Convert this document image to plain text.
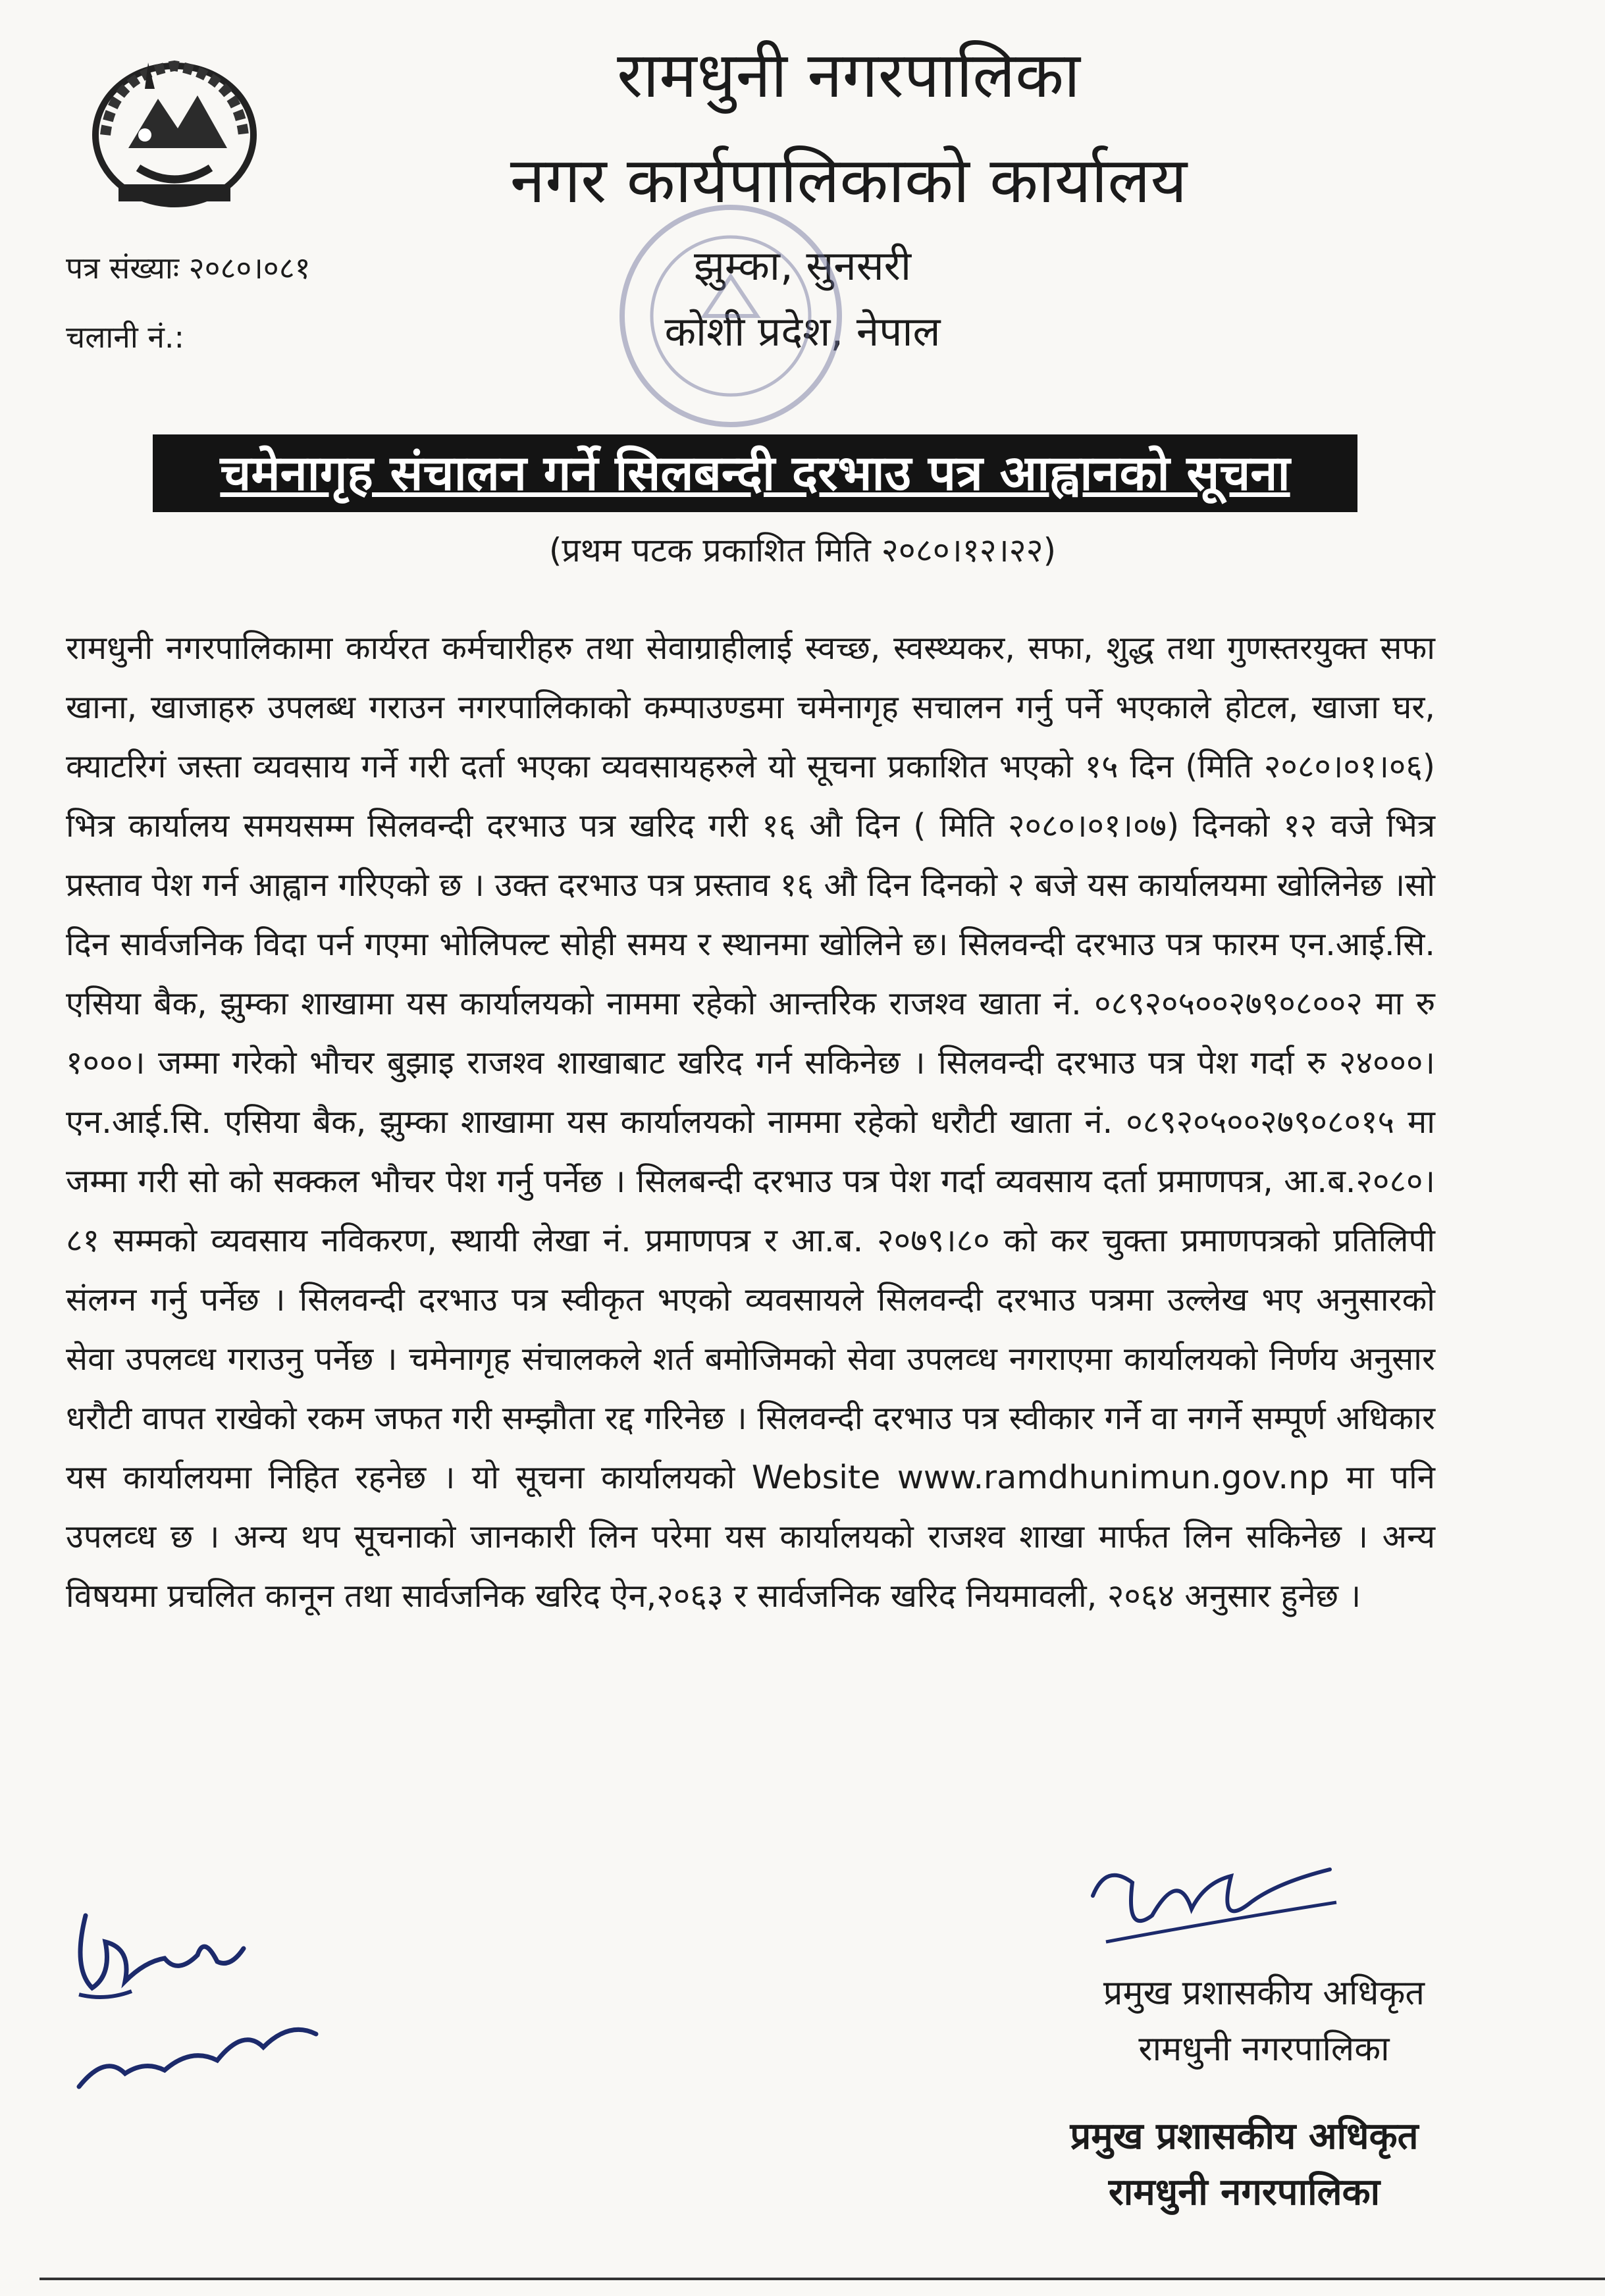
रामधुनी नगरपालिका
नगर कार्यपालिकाको कार्यालय
पत्र संख्याः २०८०।०८१
चलानी नं.:
झुम्का, सुनसरी
कोशी प्रदेश, नेपाल
चमेनागृह संचालन गर्ने सिलबन्दी दरभाउ पत्र आह्वानको सूचना
(प्रथम पटक प्रकाशित मिति २०८०।१२।२२)
रामधुनी नगरपालिकामा कार्यरत कर्मचारीहरु तथा सेवाग्राहीलाई स्वच्छ, स्वस्थ्यकर, सफा, शुद्ध तथा गुणस्तरयुक्त सफा खाना, खाजाहरु उपलब्ध गराउन नगरपालिकाको कम्पाउण्डमा चमेनागृह सचालन गर्नु पर्ने भएकाले होटल, खाजा घर, क्याटरिगं जस्ता व्यवसाय गर्ने गरी दर्ता भएका व्यवसायहरुले यो सूचना प्रकाशित भएको १५ दिन (मिति २०८०।०१।०६) भित्र कार्यालय समयसम्म सिलवन्दी दरभाउ पत्र खरिद गरी १६ औ दिन ( मिति २०८०।०१।०७) दिनको १२ वजे भित्र प्रस्ताव पेश गर्न आह्वान गरिएको छ । उक्त दरभाउ पत्र प्रस्ताव १६ औ दिन दिनको २ बजे यस कार्यालयमा खोलिनेछ ।सो दिन सार्वजनिक विदा पर्न गएमा भोलिपल्ट सोही समय र स्थानमा खोलिने छ। सिलवन्दी दरभाउ पत्र फारम एन.आई.सि. एसिया बैक, झुम्का शाखामा यस कार्यालयको नाममा रहेको आन्तरिक राजश्व खाता नं. ०८९२०५००२७९०८००२ मा रु १०००। जम्मा गरेको भौचर बुझाइ राजश्व शाखाबाट खरिद गर्न सकिनेछ । सिलवन्दी दरभाउ पत्र पेश गर्दा रु २४०००। एन.आई.सि. एसिया बैक, झुम्का शाखामा यस कार्यालयको नाममा रहेको धरौटी खाता नं. ०८९२०५००२७९०८०१५ मा जम्मा गरी सो को सक्कल भौचर पेश गर्नु पर्नेछ । सिलबन्दी दरभाउ पत्र पेश गर्दा व्यवसाय दर्ता प्रमाणपत्र, आ.ब.२०८०।८१ सम्मको व्यवसाय नविकरण, स्थायी लेखा नं. प्रमाणपत्र र आ.ब. २०७९।८० को कर चुक्ता प्रमाणपत्रको प्रतिलिपी संलग्न गर्नु पर्नेछ । सिलवन्दी दरभाउ पत्र स्वीकृत भएको व्यवसायले सिलवन्दी दरभाउ पत्रमा उल्लेख भए अनुसारको सेवा उपलव्ध गराउनु पर्नेछ । चमेनागृह संचालकले शर्त बमोजिमको सेवा उपलव्ध नगराएमा कार्यालयको निर्णय अनुसार धरौटी वापत राखेको रकम जफत गरी सम्झौता रद्द गरिनेछ । सिलवन्दी दरभाउ पत्र स्वीकार गर्ने वा नगर्ने सम्पूर्ण अधिकार यस कार्यालयमा निहित रहनेछ । यो सूचना कार्यालयको Website www.ramdhunimun.gov.np मा पनि उपलव्ध छ । अन्य थप सूचनाको जानकारी लिन परेमा यस कार्यालयको राजश्व शाखा मार्फत लिन सकिनेछ । अन्य विषयमा प्रचलित कानून तथा सार्वजनिक खरिद ऐन,२०६३ र सार्वजनिक खरिद नियमावली, २०६४ अनुसार हुनेछ ।
प्रमुख प्रशासकीय अधिकृत
रामधुनी नगरपालिका
प्रमुख प्रशासकीय अधिकृत
रामधुनी नगरपालिका
